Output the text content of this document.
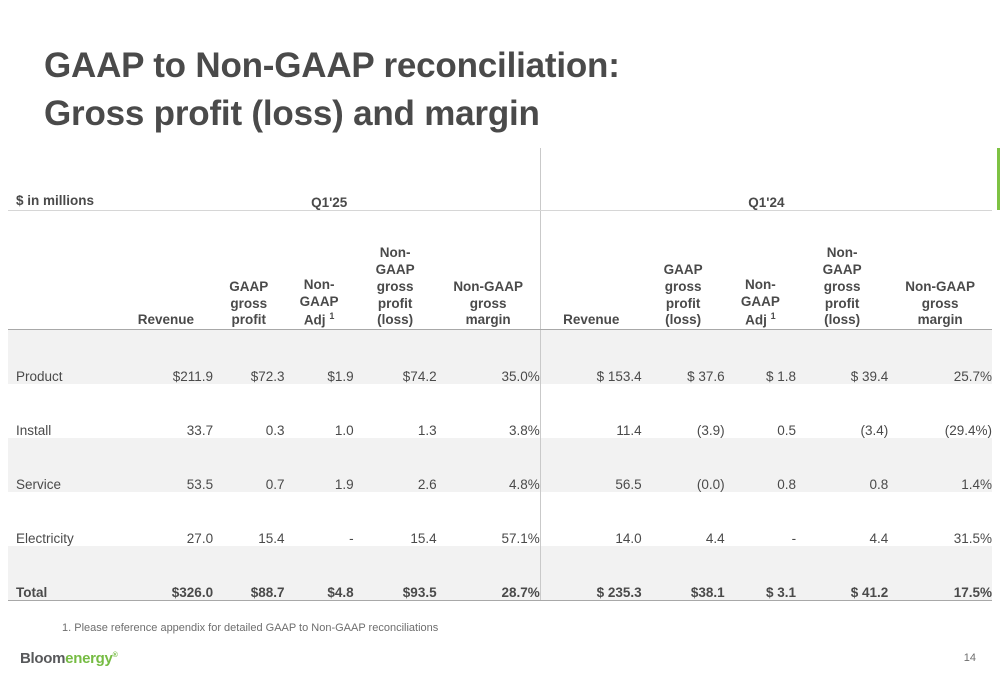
GAAP to Non-GAAP reconciliation:
Gross profit (loss) and margin
$ in millions	Q1'25					Q1'24				
	Revenue	GAAP
gross
profit	Non-
GAAP
Adj $^1$	Non-
GAAP
gross
profit
(loss)	Non-GAAP
gross
margin	Revenue	GAAP
gross
profit
(loss)	Non-
GAAP
Adj $^1$	Non-
GAAP
gross
profit
(loss)	Non-GAAP
gross
margin
Product	$211.9	$72.3	$1.9	$74.2	35.0%	$ 153.4	$ 37.6	$ 1.8	$ 39.4	25.7%
Install	33.7	0.3	1.0	1.3	3.8%	11.4	(3.9)	0.5	(3.4)	(29.4%)
Service	53.5	0.7	1.9	2.6	4.8%	56.5	(0.0)	0.8	0.8	1.4%
Electricity	27.0	15.4	-	15.4	57.1%	14.0	4.4	-	4.4	31.5%
Total	$326.0	$88.7	$4.8	$93.5	28.7%	$ 235.3	$38.1	$ 3.1	$ 41.2	17.5%
1. Please reference appendix for detailed GAAP to Non-GAAP reconciliations
Bloomenergy®	14
